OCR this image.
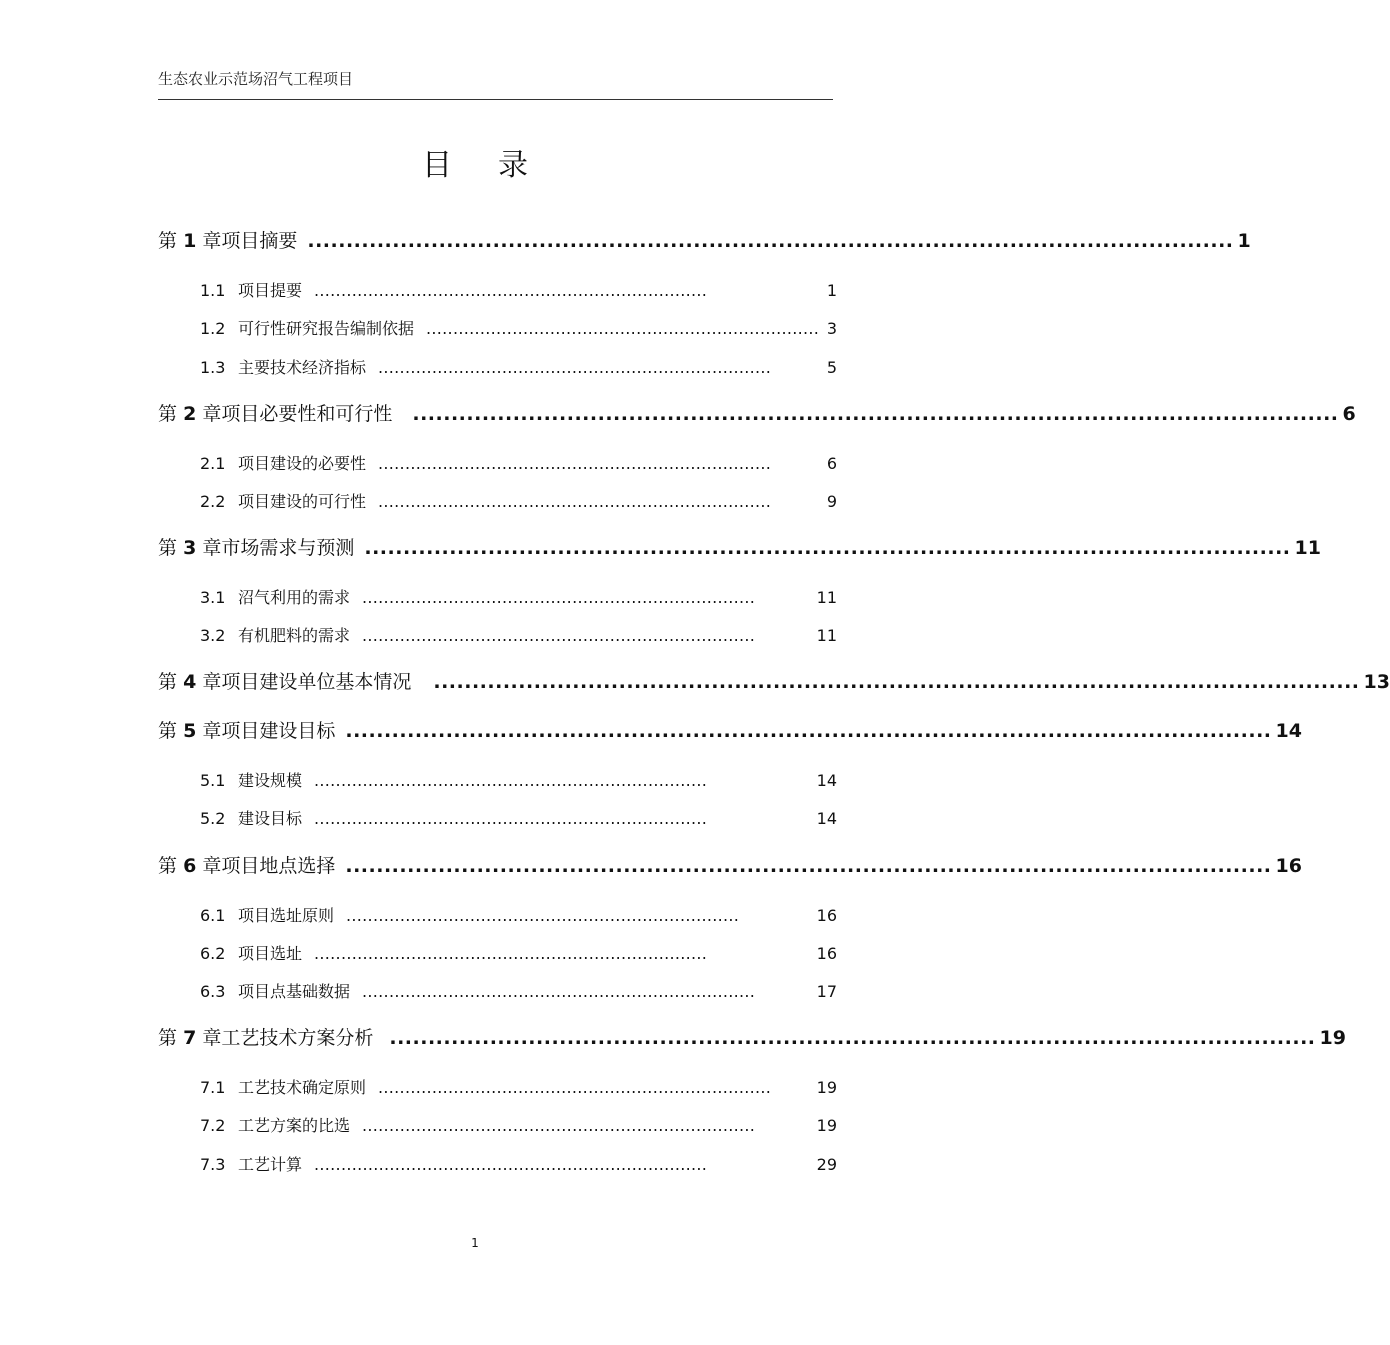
生态农业示范场沼气工程项目
目录
第 1 章 项目摘要 ........................................................................................................................ 1
1.1 项目提要 .........................................................................	1
1.2 可行性研究报告编制依据 ......................................................................... 3
1.3 主要技术经济指标 .........................................................................	5
第 2 章 项目必要性和可行性 ........................................................................................................................ 6
2.1 项目建设的必要性 .........................................................................	6
2.2 项目建设的可行性 .........................................................................	9
第 3 章 市场需求与预测 ........................................................................................................................ 11
3.1 沼气利用的需求 .........................................................................	11
3.2 有机肥料的需求 .........................................................................	11
第 4 章 项目建设单位基本情况 ........................................................................................................................ 13
第 5 章 项目建设目标 ........................................................................................................................ 14
5.1 建设规模 .........................................................................	14
5.2 建设目标 .........................................................................	14
第 6 章 项目地点选择 ........................................................................................................................ 16
6.1 项目选址原则 .........................................................................	16
6.2 项目选址 .........................................................................	16
6.3 项目点基础数据 .........................................................................	17
第 7 章 工艺技术方案分析 ........................................................................................................................ 19
7.1 工艺技术确定原则 .........................................................................	19
7.2 工艺方案的比选 .........................................................................	19
7.3 工艺计算 .........................................................................	29
1
